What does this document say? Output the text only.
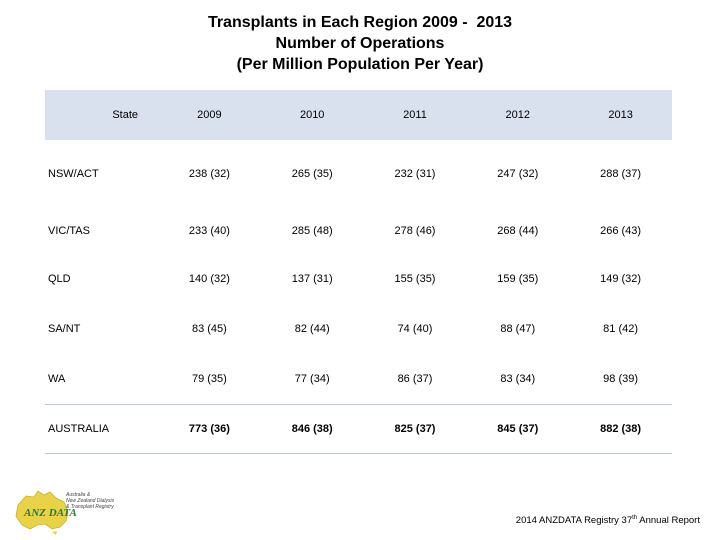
Transplants in Each Region 2009 -  2013
Number of Operations
(Per Million Population Per Year)
State	2009	2010	2011	2012	2013
NSW/ACT	238 (32)	265 (35)	232 (31)	247 (32)	288 (37)
VIC/TAS	233 (40)	285 (48)	278 (46)	268 (44)	266 (43)
QLD	140 (32)	137 (31)	155 (35)	159 (35)	149 (32)
SA/NT	83 (45)	82 (44)	74 (40)	88 (47)	81 (42)
WA	79 (35)	77 (34)	86 (37)	83 (34)	98 (39)
AUSTRALIA	773 (36)	846 (38)	825 (37)	845 (37)	882 (38)
ANZ DATA
Australia &
New Zealand Dialysis
& Transplant Registry
2014 ANZDATA Registry 37th Annual Report
